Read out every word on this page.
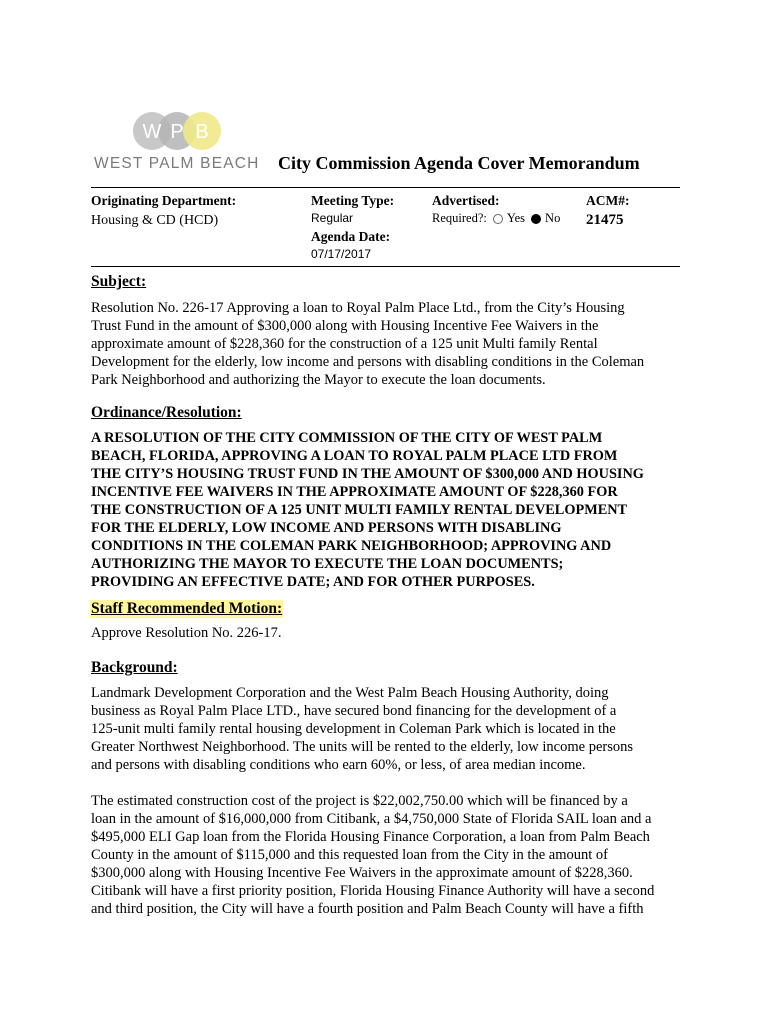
W P B
WEST PALM BEACH City Commission Agenda Cover Memorandum
Originating Department:
Housing & CD (HCD)
Meeting Type:
Regular
Agenda Date:
07/17/2017
Advertised:
Required?: Yes No
ACM#:
21475
Subject:
Resolution No. 226-17 Approving a loan to Royal Palm Place Ltd., from the City’s Housing
Trust Fund in the amount of $300,000 along with Housing Incentive Fee Waivers in the
approximate amount of $228,360 for the construction of a 125 unit Multi family Rental
Development for the elderly, low income and persons with disabling conditions in the Coleman
Park Neighborhood and authorizing the Mayor to execute the loan documents.
Ordinance/Resolution:
A RESOLUTION OF THE CITY COMMISSION OF THE CITY OF WEST PALM
BEACH, FLORIDA, APPROVING A LOAN TO ROYAL PALM PLACE LTD FROM
THE CITY’S HOUSING TRUST FUND IN THE AMOUNT OF $300,000 AND HOUSING
INCENTIVE FEE WAIVERS IN THE APPROXIMATE AMOUNT OF $228,360 FOR
THE CONSTRUCTION OF A 125 UNIT MULTI FAMILY RENTAL DEVELOPMENT
FOR THE ELDERLY, LOW INCOME AND PERSONS WITH DISABLING
CONDITIONS IN THE COLEMAN PARK NEIGHBORHOOD; APPROVING AND
AUTHORIZING THE MAYOR TO EXECUTE THE LOAN DOCUMENTS;
PROVIDING AN EFFECTIVE DATE; AND FOR OTHER PURPOSES.
Staff Recommended Motion:
Approve Resolution No. 226-17.
Background:
Landmark Development Corporation and the West Palm Beach Housing Authority, doing
business as Royal Palm Place LTD., have secured bond financing for the development of a
125-unit multi family rental housing development in Coleman Park which is located in the
Greater Northwest Neighborhood. The units will be rented to the elderly, low income persons
and persons with disabling conditions who earn 60%, or less, of area median income.
The estimated construction cost of the project is $22,002,750.00 which will be financed by a
loan in the amount of $16,000,000 from Citibank, a $4,750,000 State of Florida SAIL loan and a
$495,000 ELI Gap loan from the Florida Housing Finance Corporation, a loan from Palm Beach
County in the amount of $115,000 and this requested loan from the City in the amount of
$300,000 along with Housing Incentive Fee Waivers in the approximate amount of $228,360.
Citibank will have a first priority position, Florida Housing Finance Authority will have a second
and third position, the City will have a fourth position and Palm Beach County will have a fifth
